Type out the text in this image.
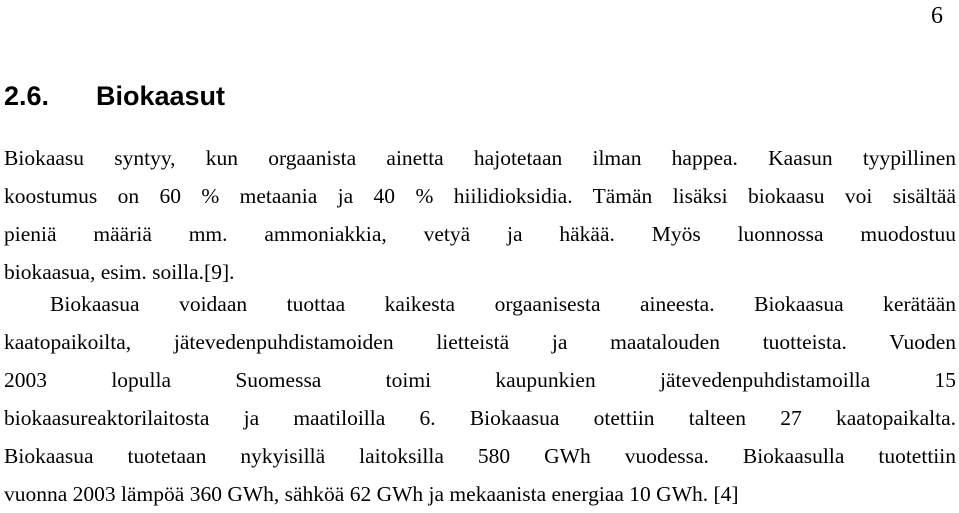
6
2.6. Biokaasut
Biokaasu syntyy, kun orgaanista ainetta hajotetaan ilman happea. Kaasun tyypillinen
koostumus on 60 % metaania ja 40 % hiilidioksidia. Tämän lisäksi biokaasu voi sisältää
pieniä määriä mm. ammoniakkia, vetyä ja häkää. Myös luonnossa muodostuu
biokaasua, esim. soilla.[9].
Biokaasua voidaan tuottaa kaikesta orgaanisesta aineesta. Biokaasua kerätään
kaatopaikoilta, jätevedenpuhdistamoiden lietteistä ja maatalouden tuotteista. Vuoden
2003 lopulla Suomessa toimi kaupunkien jätevedenpuhdistamoilla 15
biokaasureaktorilaitosta ja maatiloilla 6. Biokaasua otettiin talteen 27 kaatopaikalta.
Biokaasua tuotetaan nykyisillä laitoksilla 580 GWh vuodessa. Biokaasulla tuotettiin
vuonna 2003 lämpöä 360 GWh, sähköä 62 GWh ja mekaanista energiaa 10 GWh. [4]
